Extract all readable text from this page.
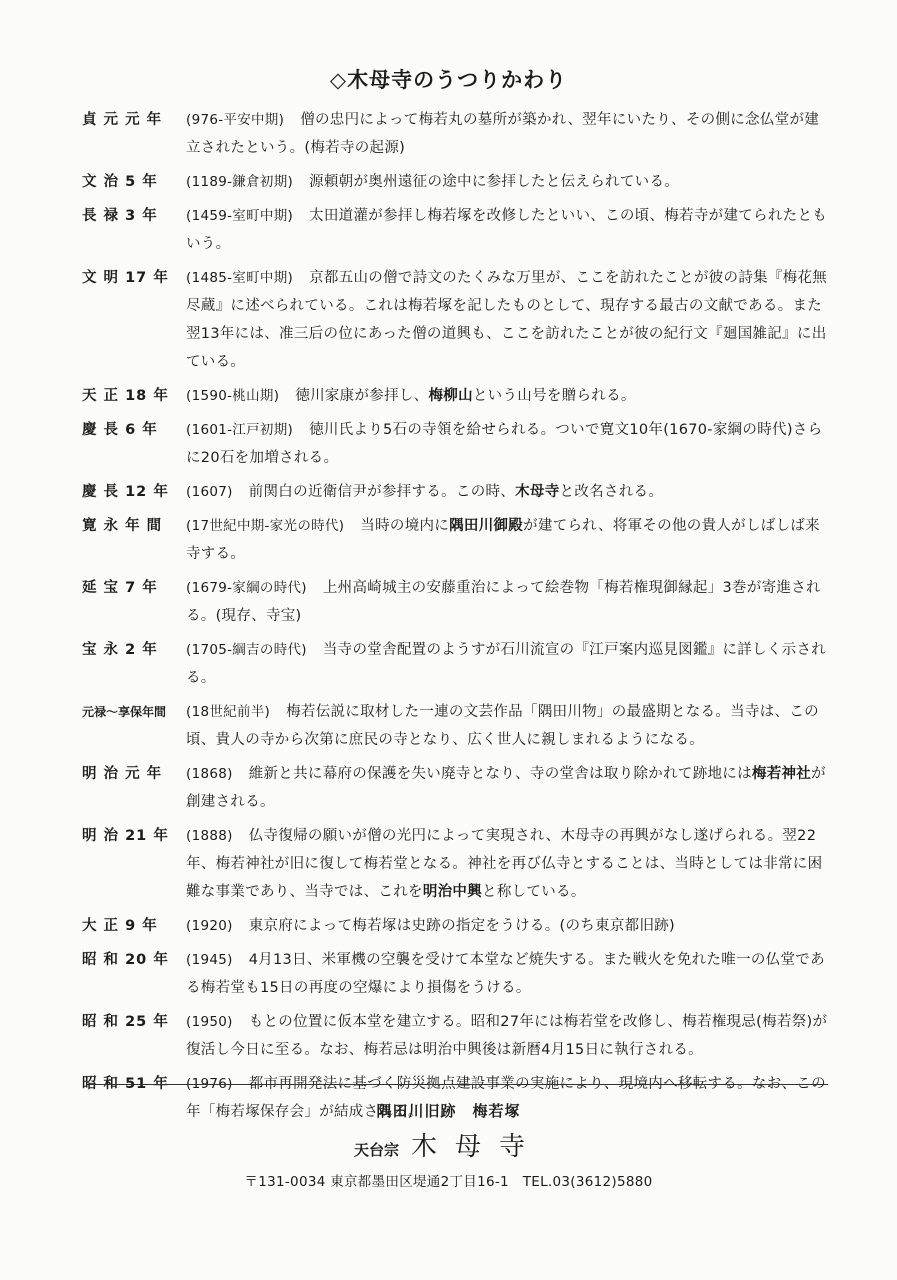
◇木母寺のうつりかわり
貞 元 元 年	(976-平安中期) 僧の忠円によって梅若丸の墓所が築かれ、翌年にいたり、その側に念仏堂が建立されたという。(梅若寺の起源)
文 治 5 年	(1189-鎌倉初期) 源頼朝が奥州遠征の途中に参拝したと伝えられている。
長 禄 3 年	(1459-室町中期) 太田道灌が参拝し梅若塚を改修したといい、この頃、梅若寺が建てられたともいう。
文 明 17 年	(1485-室町中期) 京都五山の僧で詩文のたくみな万里が、ここを訪れたことが彼の詩集『梅花無尽蔵』に述べられている。これは梅若塚を記したものとして、現存する最古の文献である。また翌13年には、准三后の位にあった僧の道興も、ここを訪れたことが彼の紀行文『廻国雑記』に出ている。
天 正 18 年	(1590-桃山期) 徳川家康が参拝し、梅柳山という山号を贈られる。
慶 長 6 年	(1601-江戸初期) 徳川氏より5石の寺領を給せられる。ついで寛文10年(1670-家綱の時代)さらに20石を加増される。
慶 長 12 年	(1607) 前関白の近衛信尹が参拝する。この時、木母寺と改名される。
寛 永 年 間	(17世紀中期-家光の時代) 当時の境内に隅田川御殿が建てられ、将軍その他の貴人がしばしば来寺する。
延 宝 7 年	(1679-家綱の時代) 上州高崎城主の安藤重治によって絵巻物「梅若権現御縁起」3巻が寄進される。(現存、寺宝)
宝 永 2 年	(1705-綱吉の時代) 当寺の堂舎配置のようすが石川流宣の『江戸案内巡見図鑑』に詳しく示される。
元禄～享保年間	(18世紀前半) 梅若伝説に取材した一連の文芸作品「隅田川物」の最盛期となる。当寺は、この頃、貴人の寺から次第に庶民の寺となり、広く世人に親しまれるようになる。
明 治 元 年	(1868) 維新と共に幕府の保護を失い廃寺となり、寺の堂舎は取り除かれて跡地には梅若神社が創建される。
明 治 21 年	(1888) 仏寺復帰の願いが僧の光円によって実現され、木母寺の再興がなし遂げられる。翌22年、梅若神社が旧に復して梅若堂となる。神社を再び仏寺とすることは、当時としては非常に困難な事業であり、当寺では、これを明治中興と称している。
大 正 9 年	(1920) 東京府によって梅若塚は史跡の指定をうける。(のち東京都旧跡)
昭 和 20 年	(1945) 4月13日、米軍機の空襲を受けて本堂など焼失する。また戦火を免れた唯一の仏堂である梅若堂も15日の再度の空爆により損傷をうける。
昭 和 25 年	(1950) もとの位置に仮本堂を建立する。昭和27年には梅若堂を改修し、梅若権現忌(梅若祭)が復活し今日に至る。なお、梅若忌は明治中興後は新暦4月15日に執行される。
昭 和 51 年	(1976) 都市再開発法に基づく防災拠点建設事業の実施により、現境内へ移転する。なお、この年「梅若塚保存会」が結成される。
隅田川旧跡　梅若塚
天台宗 木母寺
〒131-0034 東京都墨田区堤通2丁目16-1　TEL.03(3612)5880
